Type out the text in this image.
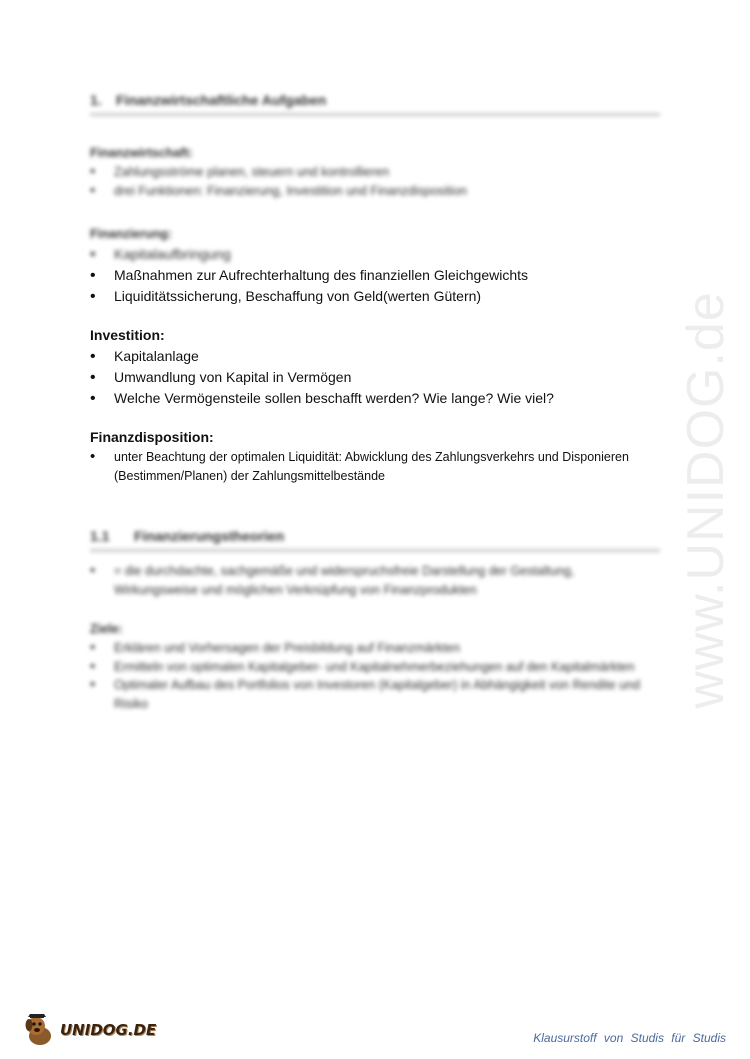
1. Finanzwirtschaftliche Aufgaben
Finanzwirtschaft:
• Zahlungsströme planen, steuern und kontrollieren
• drei Funktionen: Finanzierung, Investition und Finanzdisposition
Finanzierung:
• Kapitalaufbringung
• Maßnahmen zur Aufrechterhaltung des finanziellen Gleichgewichts
• Liquiditätssicherung, Beschaffung von Geld(werten Gütern)
Investition:
• Kapitalanlage
• Umwandlung von Kapital in Vermögen
• Welche Vermögensteile sollen beschafft werden? Wie lange? Wie viel?
Finanzdisposition:
• unter Beachtung der optimalen Liquidität: Abwicklung des Zahlungsverkehrs und Disponieren (Bestimmen/Planen) der Zahlungsmittelbestände
1.1 Finanzierungstheorien
• = die durchdachte, sachgemäße und widerspruchsfreie Darstellung der Gestaltung, Wirkungsweise und möglichen Verknüpfung von Finanzprodukten
Ziele:
• Erklären und Vorhersagen der Preisbildung auf Finanzmärkten
• Ermitteln von optimalen Kapitalgeber- und Kapitalnehmerbeziehungen auf den Kapitalmärkten
• Optimaler Aufbau des Portfolios von Investoren (Kapitalgeber) in Abhängigkeit von Rendite und Risiko	www.UNIDOG.de
UNIDOG.DE	Klausurstoff von Studis für Studis
